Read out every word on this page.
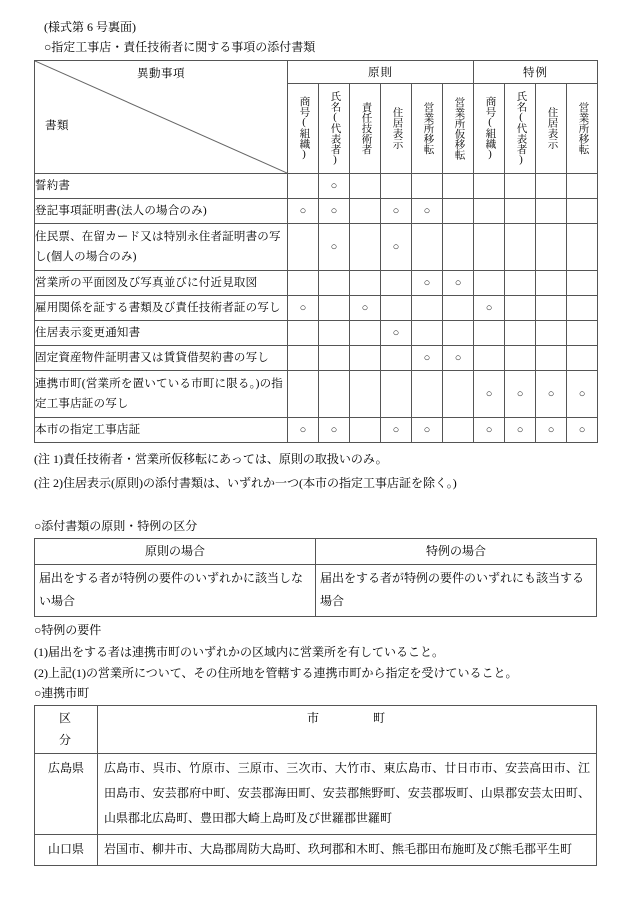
(様式第 6 号裏面)
○指定工事店・責任技術者に関する事項の添付書類
異動事項
書類	原則						特例			
	商号(組織)	氏名(代表者)	責任技術者	住居表示	営業所移転	営業所仮移転	商号(組織)	氏名(代表者)	住居表示	営業所移転
誓約書		○								
登記事項証明書(法人の場合のみ)	○	○		○	○					
住民票、在留カード又は特別永住者証明書の写し(個人の場合のみ)		○		○						
営業所の平面図及び写真並びに付近見取図					○	○				
雇用関係を証する書類及び責任技術者証の写し	○		○				○			
住居表示変更通知書				○						
固定資産物件証明書又は賃貸借契約書の写し					○	○				
連携市町(営業所を置いている市町に限る。)の指定工事店証の写し							○	○	○	○
本市の指定工事店証	○	○		○	○		○	○	○	○
(注 1)責任技術者・営業所仮移転にあっては、原則の取扱いのみ。
(注 2)住居表示(原則)の添付書類は、いずれか一つ(本市の指定工事店証を除く。)
○添付書類の原則・特例の区分
原則の場合	特例の場合
届出をする者が特例の要件のいずれかに該当しない場合	届出をする者が特例の要件のいずれにも該当する場合
○特例の要件
(1)届出をする者は連携市町のいずれかの区域内に営業所を有していること。
(2)上記(1)の営業所について、その住所地を管轄する連携市町から指定を受けていること。
○連携市町
区　分	市　　町
広島県	広島市、呉市、竹原市、三原市、三次市、大竹市、東広島市、廿日市市、安芸高田市、江田島市、安芸郡府中町、安芸郡海田町、安芸郡熊野町、安芸郡坂町、山県郡安芸太田町、山県郡北広島町、豊田郡大崎上島町及び世羅郡世羅町
山口県	岩国市、柳井市、大島郡周防大島町、玖珂郡和木町、熊毛郡田布施町及び熊毛郡平生町
